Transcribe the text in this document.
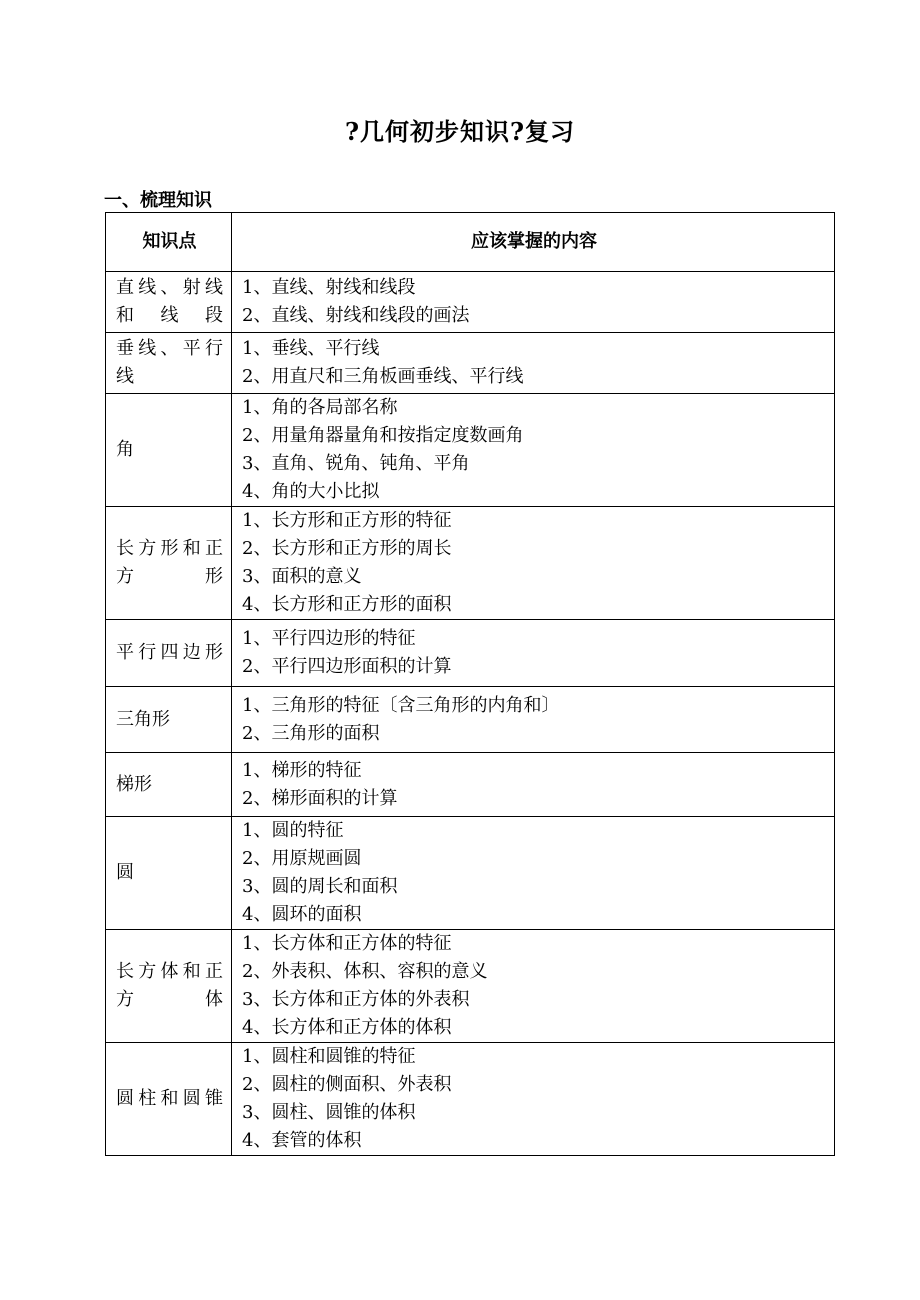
?几何初步知识?复习
一、梳理知识
知识点	应该掌握的内容
直线、射线和线段	1、直线、射线和线段
2、直线、射线和线段的画法

垂线、平行线	1、垂线、平行线
2、用直尺和三角板画垂线、平行线

角	1、角的各局部名称
2、用量角器量角和按指定度数画角
3、直角、锐角、钝角、平角
4、角的大小比拟

长方形和正方形	1、长方形和正方形的特征
2、长方形和正方形的周长
3、面积的意义
4、长方形和正方形的面积

平行四边形	1、平行四边形的特征
2、平行四边形面积的计算

三角形	1、三角形的特征〔含三角形的内角和〕
2、三角形的面积

梯形	1、梯形的特征
2、梯形面积的计算

圆	1、圆的特征
2、用原规画圆
3、圆的周长和面积
4、圆环的面积

长方体和正方体	1、长方体和正方体的特征
2、外表积、体积、容积的意义
3、长方体和正方体的外表积
4、长方体和正方体的体积

圆柱和圆锥	1、圆柱和圆锥的特征
2、圆柱的侧面积、外表积
3、圆柱、圆锥的体积
4、套管的体积
